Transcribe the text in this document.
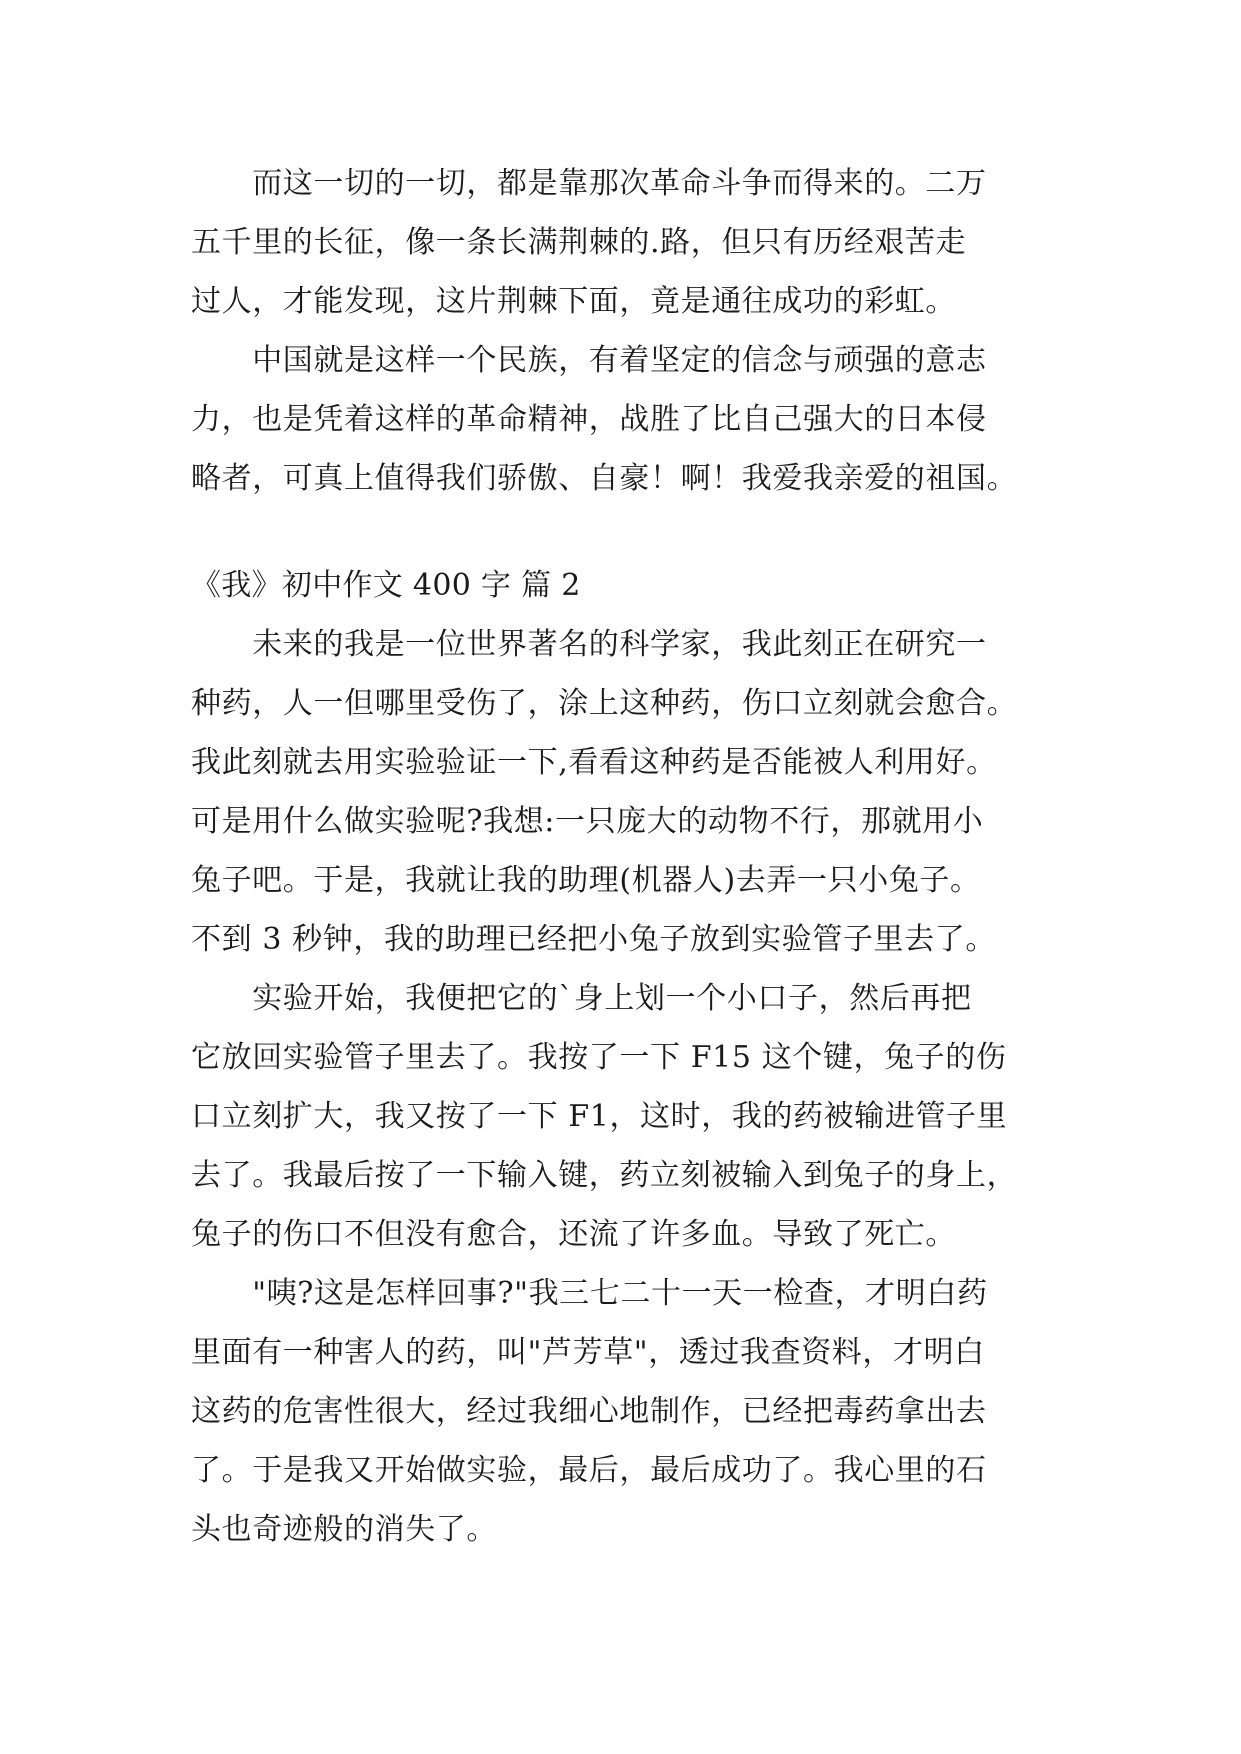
　　而这一切的一切，都是靠那次革命斗争而得来的。二万
五千里的长征，像一条长满荆棘的.路，但只有历经艰苦走
过人，才能发现，这片荆棘下面，竟是通往成功的彩虹。
　　中国就是这样一个民族，有着坚定的信念与顽强的意志
力，也是凭着这样的革命精神，战胜了比自己强大的日本侵
略者，可真上值得我们骄傲、自豪！啊！我爱我亲爱的祖国。
《我》初中作文 400 字 篇 2
　　未来的我是一位世界著名的科学家，我此刻正在研究一
种药，人一但哪里受伤了，涂上这种药，伤口立刻就会愈合。
我此刻就去用实验验证一下,看看这种药是否能被人利用好。
可是用什么做实验呢?我想:一只庞大的动物不行，那就用小
兔子吧。于是，我就让我的助理(机器人)去弄一只小兔子。
不到 3 秒钟，我的助理已经把小兔子放到实验管子里去了。
　　实验开始，我便把它的`身上划一个小口子，然后再把
它放回实验管子里去了。我按了一下 F15 这个键，兔子的伤
口立刻扩大，我又按了一下 F1，这时，我的药被输进管子里
去了。我最后按了一下输入键，药立刻被输入到兔子的身上，
兔子的伤口不但没有愈合，还流了许多血。导致了死亡。
　　"咦?这是怎样回事?"我三七二十一天一检查，才明白药
里面有一种害人的药，叫"芦芳草"，透过我查资料，才明白
这药的危害性很大，经过我细心地制作，已经把毒药拿出去
了。于是我又开始做实验，最后，最后成功了。我心里的石
头也奇迹般的消失了。
